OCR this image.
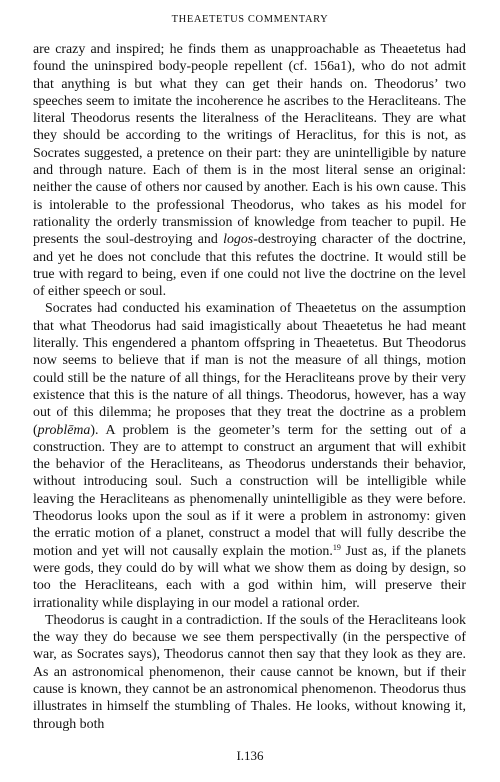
THEAETETUS COMMENTARY

are crazy and inspired; he finds them as unapproachable as Theaetetus had found the uninspired body-people repellent (cf. 156a1), who do not admit that anything is but what they can get their hands on. Theodorus’ two speeches seem to imitate the incoherence he ascribes to the Heracliteans. The literal Theodorus resents the literalness of the Heracliteans. They are what they should be according to the writings of Heraclitus, for this is not, as Socrates suggested, a pretence on their part: they are unintelligible by nature and through nature. Each of them is in the most literal sense an original: neither the cause of others nor caused by another. Each is his own cause. This is intolerable to the professional Theodorus, who takes as his model for rationality the orderly transmission of knowledge from teacher to pupil. He presents the soul-destroying and logos-destroying character of the doctrine, and yet he does not conclude that this refutes the doctrine. It would still be true with regard to being, even if one could not live the doctrine on the level of either speech or soul.

Socrates had conducted his examination of Theaetetus on the assumption that what Theodorus had said imagistically about Theaetetus he had meant literally. This engendered a phantom offspring in Theaetetus. But Theodorus now seems to believe that if man is not the measure of all things, motion could still be the nature of all things, for the Heracliteans prove by their very existence that this is the nature of all things. Theodorus, however, has a way out of this dilemma; he proposes that they treat the doctrine as a problem (problēma). A problem is the geometer’s term for the setting out of a construction. They are to attempt to construct an argument that will exhibit the behavior of the Heracliteans, as Theodorus understands their behavior, without introducing soul. Such a construction will be intelligible while leaving the Heracliteans as phenomenally unintelligible as they were before. Theodorus looks upon the soul as if it were a problem in astronomy: given the erratic motion of a planet, construct a model that will fully describe the motion and yet will not causally explain the motion.$^{19}$ Just as, if the planets were gods, they could do by will what we show them as doing by design, so too the Heracliteans, each with a god within him, will preserve their irrationality while displaying in our model a rational order.

Theodorus is caught in a contradiction. If the souls of the Heracliteans look the way they do because we see them perspectivally (in the perspective of war, as Socrates says), Theodorus cannot then say that they look as they are. As an astronomical phenomenon, their cause cannot be known, but if their cause is known, they cannot be an astronomical phenomenon. Theodorus thus illustrates in himself the stumbling of Thales. He looks, without knowing it, through both

I.136
